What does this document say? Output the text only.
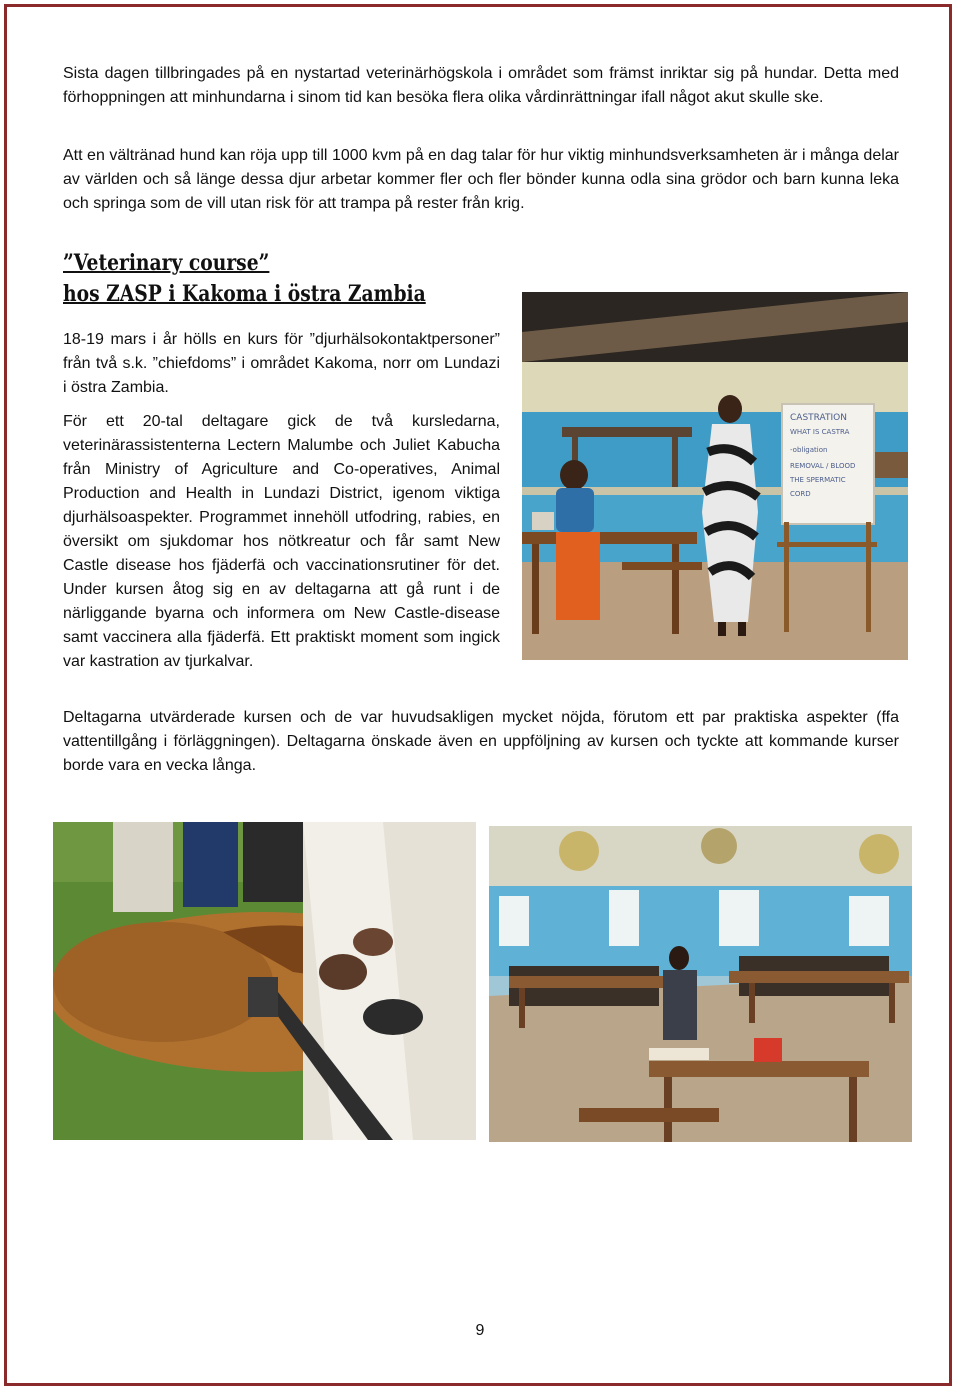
Sista dagen tillbringades på en nystartad veterinärhögskola i området som främst inriktar sig på hundar. Detta med förhoppningen att minhundarna i sinom tid kan besöka flera olika vårdinrättningar ifall något akut skulle ske.

Att en vältränad hund kan röja upp till 1000 kvm på en dag talar för hur viktig minhundsverksamheten är i många delar av världen och så länge dessa djur arbetar kommer fler och fler bönder kunna odla sina grödor och barn kunna leka och springa som de vill utan risk för att trampa på rester från krig.

”Veterinary course”
hos ZASP i Kakoma i östra Zambia

18-19 mars i år hölls en kurs för ”djurhälsokontaktpersoner” från två s.k. ”chiefdoms” i området Kakoma, norr om Lundazi i östra Zambia.

För ett 20-tal deltagare gick de två kursledarna, veterinärassistenterna Lectern Malumbe och Juliet Kabucha från Ministry of Agriculture and Co-operatives, Animal Production and Health in Lundazi District, igenom viktiga djurhälsoaspekter. Programmet innehöll utfodring, rabies, en översikt om sjukdomar hos nötkreatur och får samt New Castle disease hos fjäderfä och vaccinationsrutiner för det. Under kursen åtog sig en av deltagarna att gå runt i de närliggande byarna och informera om New Castle-disease samt vaccinera alla fjäderfä. Ett praktiskt moment som ingick var kastration av tjurkalvar.

CASTRATION
WHAT IS CASTRA
-obligation
REMOVAL / BLOOD
THE SPERMATIC
CORD

Deltagarna utvärderade kursen och de var huvudsakligen mycket nöjda, förutom ett par praktiska aspekter (ffa vattentillgång i förläggningen). Deltagarna önskade även en uppföljning av kursen och tyckte att kommande kurser borde vara en vecka långa.

9
